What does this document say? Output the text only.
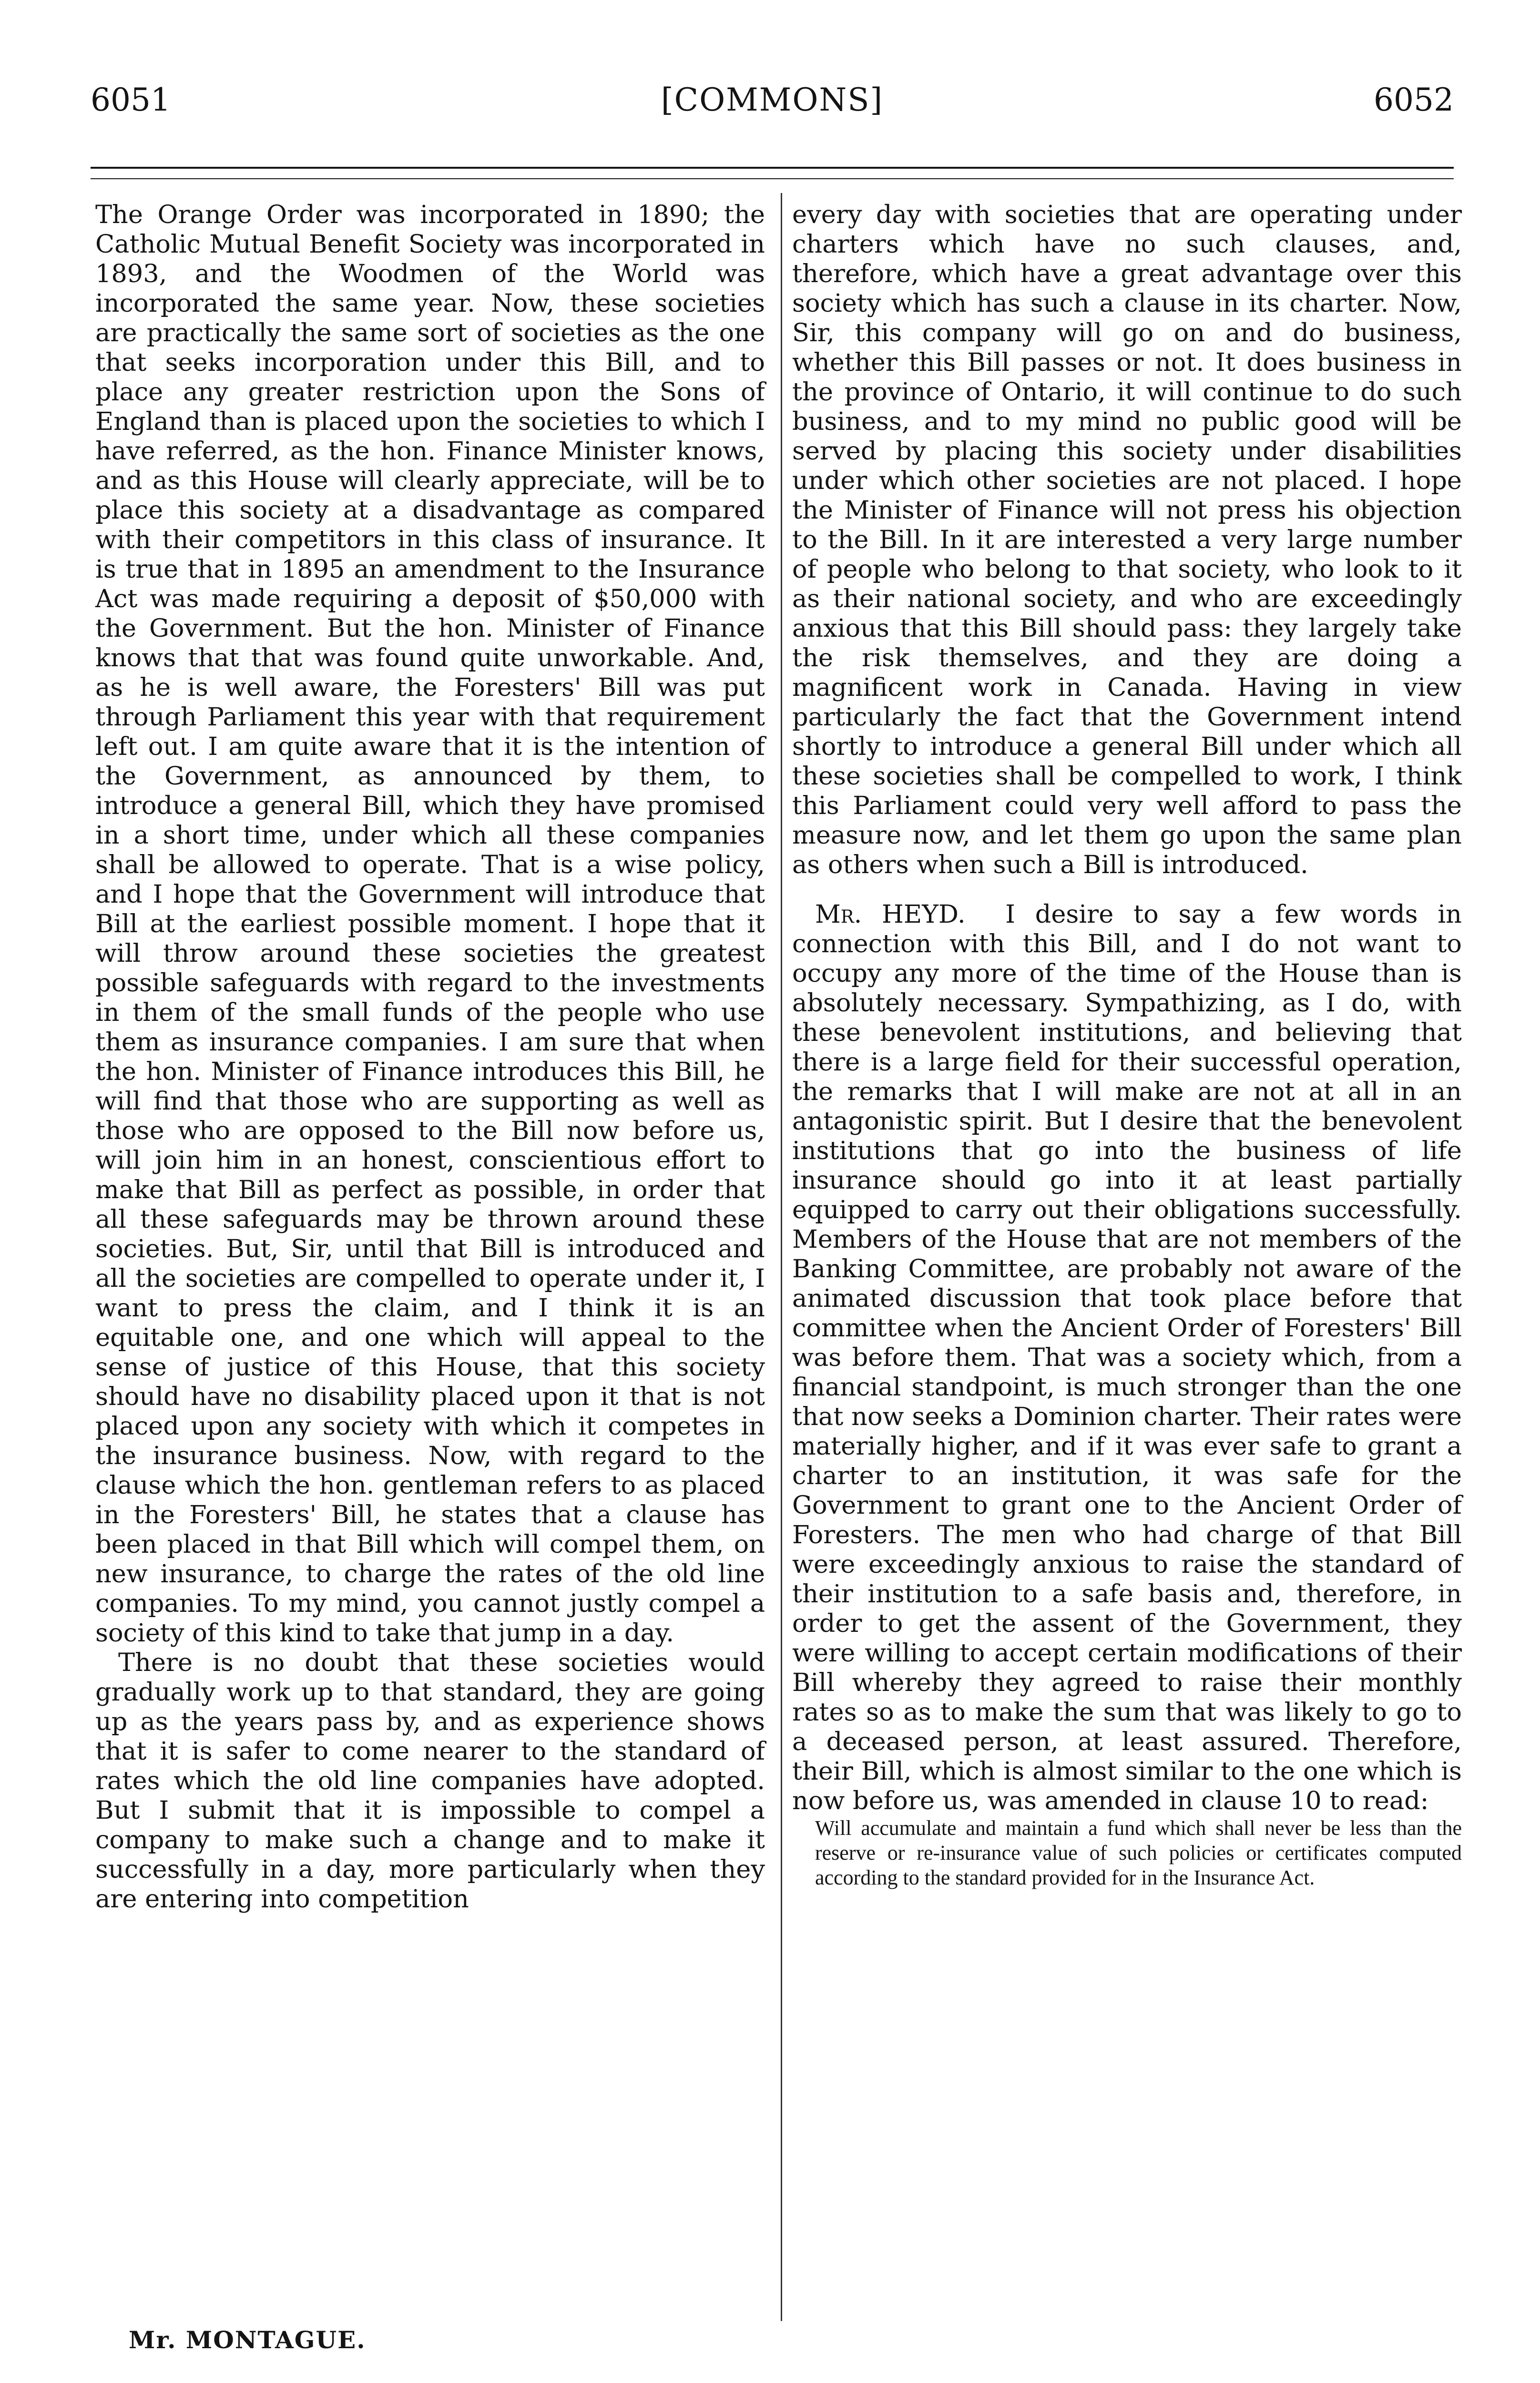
6051	[COMMONS]	6052

The Orange Order was incorporated in 1890; the Catholic Mutual Benefit Society was incorporated in 1893, and the Woodmen of the World was incorporated the same year. Now, these societies are practically the same sort of societies as the one that seeks incorporation under this Bill, and to place any greater restriction upon the Sons of England than is placed upon the societies to which I have referred, as the hon. Finance Minister knows, and as this House will clearly appreciate, will be to place this society at a disadvantage as compared with their competitors in this class of insurance. It is true that in 1895 an amendment to the Insurance Act was made requiring a deposit of $50,000 with the Government. But the hon. Minister of Finance knows that that was found quite unworkable. And, as he is well aware, the Foresters' Bill was put through Parliament this year with that requirement left out. I am quite aware that it is the intention of the Government, as announced by them, to introduce a general Bill, which they have promised in a short time, under which all these companies shall be allowed to operate. That is a wise policy, and I hope that the Government will introduce that Bill at the earliest possible moment. I hope that it will throw around these societies the greatest possible safeguards with regard to the investments in them of the small funds of the people who use them as insurance companies. I am sure that when the hon. Minister of Finance introduces this Bill, he will find that those who are supporting as well as those who are opposed to the Bill now before us, will join him in an honest, conscientious effort to make that Bill as perfect as possible, in order that all these safeguards may be thrown around these societies. But, Sir, until that Bill is introduced and all the societies are compelled to operate under it, I want to press the claim, and I think it is an equitable one, and one which will appeal to the sense of justice of this House, that this society should have no disability placed upon it that is not placed upon any society with which it competes in the insurance business. Now, with regard to the clause which the hon. gentleman refers to as placed in the Foresters' Bill, he states that a clause has been placed in that Bill which will compel them, on new insurance, to charge the rates of the old line companies. To my mind, you cannot justly compel a society of this kind to take that jump in a day.

There is no doubt that these societies would gradually work up to that standard, they are going up as the years pass by, and as experience shows that it is safer to come nearer to the standard of rates which the old line companies have adopted. But I submit that it is impossible to compel a company to make such a change and to make it successfully in a day, more particularly when they are entering into competition

every day with societies that are operating under charters which have no such clauses, and, therefore, which have a great advantage over this society which has such a clause in its charter. Now, Sir, this company will go on and do business, whether this Bill passes or not. It does business in the province of Ontario, it will continue to do such business, and to my mind no public good will be served by placing this society under disabilities under which other societies are not placed. I hope the Minister of Finance will not press his objection to the Bill. In it are interested a very large number of people who belong to that society, who look to it as their national society, and who are exceedingly anxious that this Bill should pass: they largely take the risk themselves, and they are doing a magnificent work in Canada. Having in view particularly the fact that the Government intend shortly to introduce a general Bill under which all these societies shall be compelled to work, I think this Parliament could very well afford to pass the measure now, and let them go upon the same plan as others when such a Bill is introduced.

Mr. HEYD. I desire to say a few words in connection with this Bill, and I do not want to occupy any more of the time of the House than is absolutely necessary. Sympathizing, as I do, with these benevolent institutions, and believing that there is a large field for their successful operation, the remarks that I will make are not at all in an antagonistic spirit. But I desire that the benevolent institutions that go into the business of life insurance should go into it at least partially equipped to carry out their obligations successfully. Members of the House that are not members of the Banking Committee, are probably not aware of the animated discussion that took place before that committee when the Ancient Order of Foresters' Bill was before them. That was a society which, from a financial standpoint, is much stronger than the one that now seeks a Dominion charter. Their rates were materially higher, and if it was ever safe to grant a charter to an institution, it was safe for the Government to grant one to the Ancient Order of Foresters. The men who had charge of that Bill were exceedingly anxious to raise the standard of their institution to a safe basis and, therefore, in order to get the assent of the Government, they were willing to accept certain modifications of their Bill whereby they agreed to raise their monthly rates so as to make the sum that was likely to go to a deceased person, at least assured. Therefore, their Bill, which is almost similar to the one which is now before us, was amended in clause 10 to read:

Will accumulate and maintain a fund which shall never be less than the reserve or re-insurance value of such policies or certificates computed according to the standard provided for in the Insurance Act.

Mr. MONTAGUE.
